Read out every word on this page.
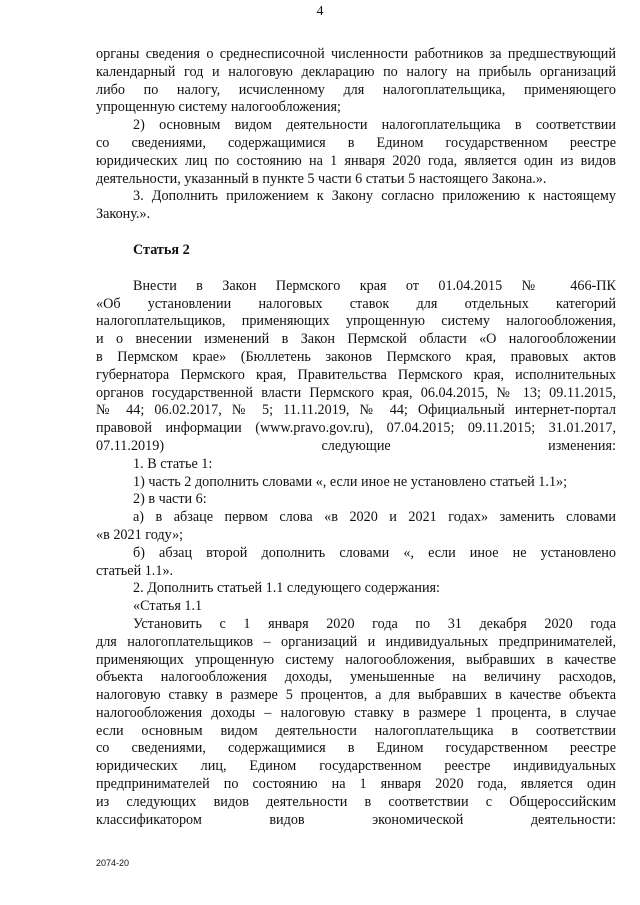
4
органы сведения о среднесписочной численности работников за предшествующий
календарный год и налоговую декларацию по налогу на прибыль организаций
либо по налогу, исчисленному для налогоплательщика, применяющего
упрощенную систему налогообложения;
2) основным видом деятельности налогоплательщика в соответствии
со сведениями, содержащимися в Едином государственном реестре
юридических лиц по состоянию на 1 января 2020 года, является один из видов
деятельности, указанный в пункте 5 части 6 статьи 5 настоящего Закона.».
3. Дополнить приложением к Закону согласно приложению к настоящему
Закону.».
Статья 2
Внести в Закон Пермского края от 01.04.2015 № 466-ПК
«Об установлении налоговых ставок для отдельных категорий
налогоплательщиков, применяющих упрощенную систему налогообложения,
и о внесении изменений в Закон Пермской области «О налогообложении
в Пермском крае» (Бюллетень законов Пермского края, правовых актов
губернатора Пермского края, Правительства Пермского края, исполнительных
органов государственной власти Пермского края, 06.04.2015, № 13; 09.11.2015,
№ 44; 06.02.2017, № 5; 11.11.2019, № 44; Официальный интернет-портал
правовой информации (www.pravo.gov.ru), 07.04.2015; 09.11.2015; 31.01.2017,
07.11.2019) следующие изменения:
1. В статье 1:
1) часть 2 дополнить словами «, если иное не установлено статьей 1.1»;
2) в части 6:
а) в абзаце первом слова «в 2020 и 2021 годах» заменить словами
«в 2021 году»;
б) абзац второй дополнить словами «, если иное не установлено
статьей 1.1».
2. Дополнить статьей 1.1 следующего содержания:
«Статья 1.1
Установить с 1 января 2020 года по 31 декабря 2020 года
для налогоплательщиков – организаций и индивидуальных предпринимателей,
применяющих упрощенную систему налогообложения, выбравших в качестве
объекта налогообложения доходы, уменьшенные на величину расходов,
налоговую ставку в размере 5 процентов, а для выбравших в качестве объекта
налогообложения доходы – налоговую ставку в размере 1 процента, в случае
если основным видом деятельности налогоплательщика в соответствии
со сведениями, содержащимися в Едином государственном реестре
юридических лиц, Едином государственном реестре индивидуальных
предпринимателей по состоянию на 1 января 2020 года, является один
из следующих видов деятельности в соответствии с Общероссийским
классификатором видов экономической деятельности:
2074-20
